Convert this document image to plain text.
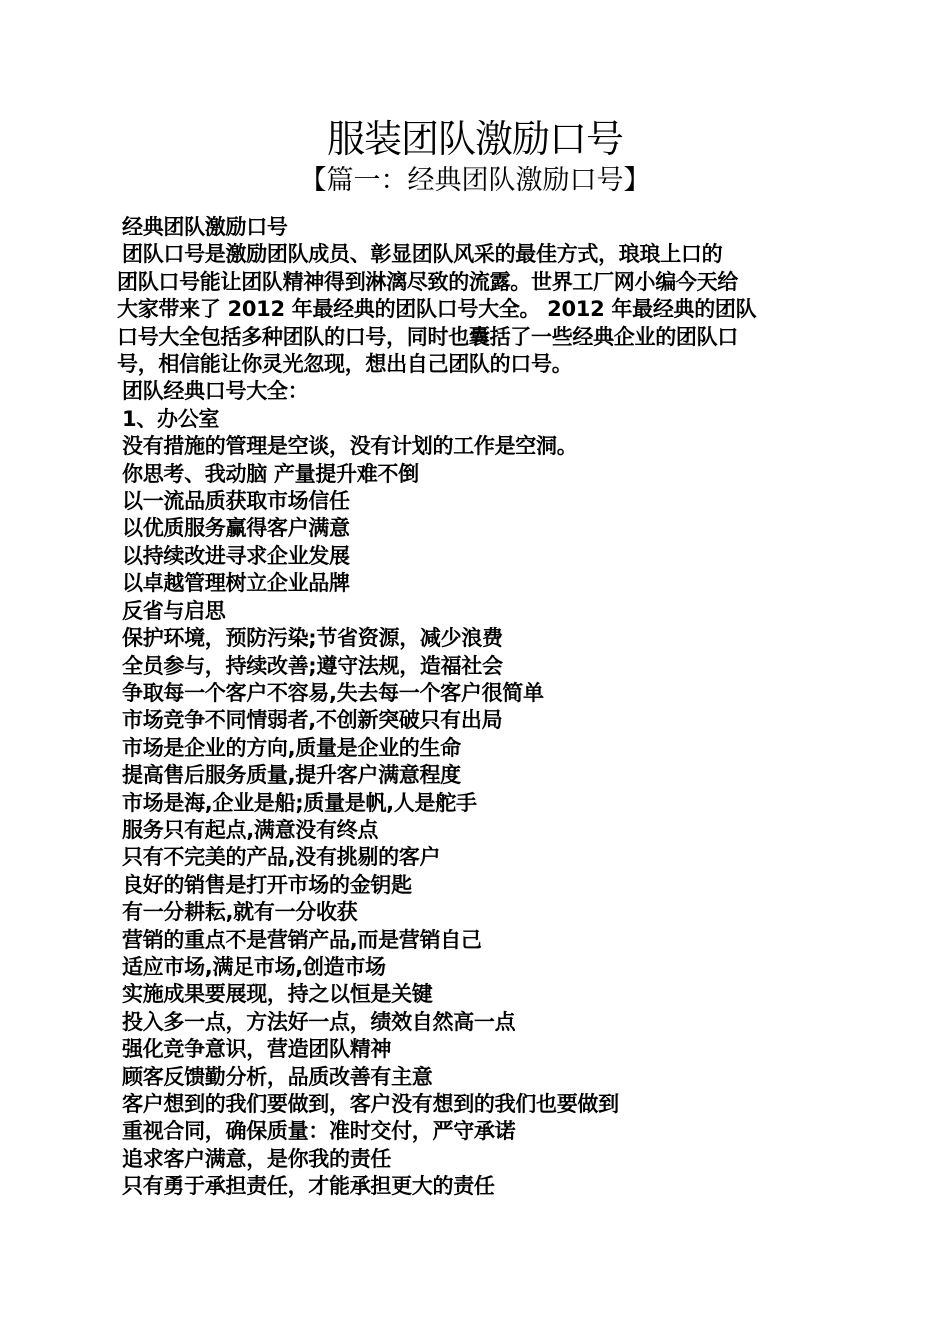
服装团队激励口号
【篇一：经典团队激励口号】
经典团队激励口号
团队口号是激励团队成员、彰显团队风采的最佳方式，琅琅上口的
团队口号能让团队精神得到淋漓尽致的流露。世界工厂网小编今天给
大家带来了 2012 年最经典的团队口号大全。 2012 年最经典的团队
口号大全包括多种团队的口号，同时也囊括了一些经典企业的团队口
号，相信能让你灵光忽现，想出自己团队的口号。
团队经典口号大全：
1、办公室
没有措施的管理是空谈，没有计划的工作是空洞。
你思考、我动脑 产量提升难不倒
以一流品质获取市场信任
以优质服务赢得客户满意
以持续改进寻求企业发展
以卓越管理树立企业品牌
反省与启思
保护环境，预防污染;节省资源，减少浪费
全员参与，持续改善;遵守法规，造福社会
争取每一个客户不容易,失去每一个客户很简单
市场竞争不同情弱者,不创新突破只有出局
市场是企业的方向,质量是企业的生命
提高售后服务质量,提升客户满意程度
市场是海,企业是船;质量是帆,人是舵手
服务只有起点,满意没有终点
只有不完美的产品,没有挑剔的客户
良好的销售是打开市场的金钥匙
有一分耕耘,就有一分收获
营销的重点不是营销产品,而是营销自己
适应市场,满足市场,创造市场
实施成果要展现，持之以恒是关键
投入多一点，方法好一点，绩效自然高一点
强化竞争意识，营造团队精神
顾客反馈勤分析，品质改善有主意
客户想到的我们要做到，客户没有想到的我们也要做到
重视合同，确保质量：准时交付，严守承诺
追求客户满意，是你我的责任
只有勇于承担责任，才能承担更大的责任
